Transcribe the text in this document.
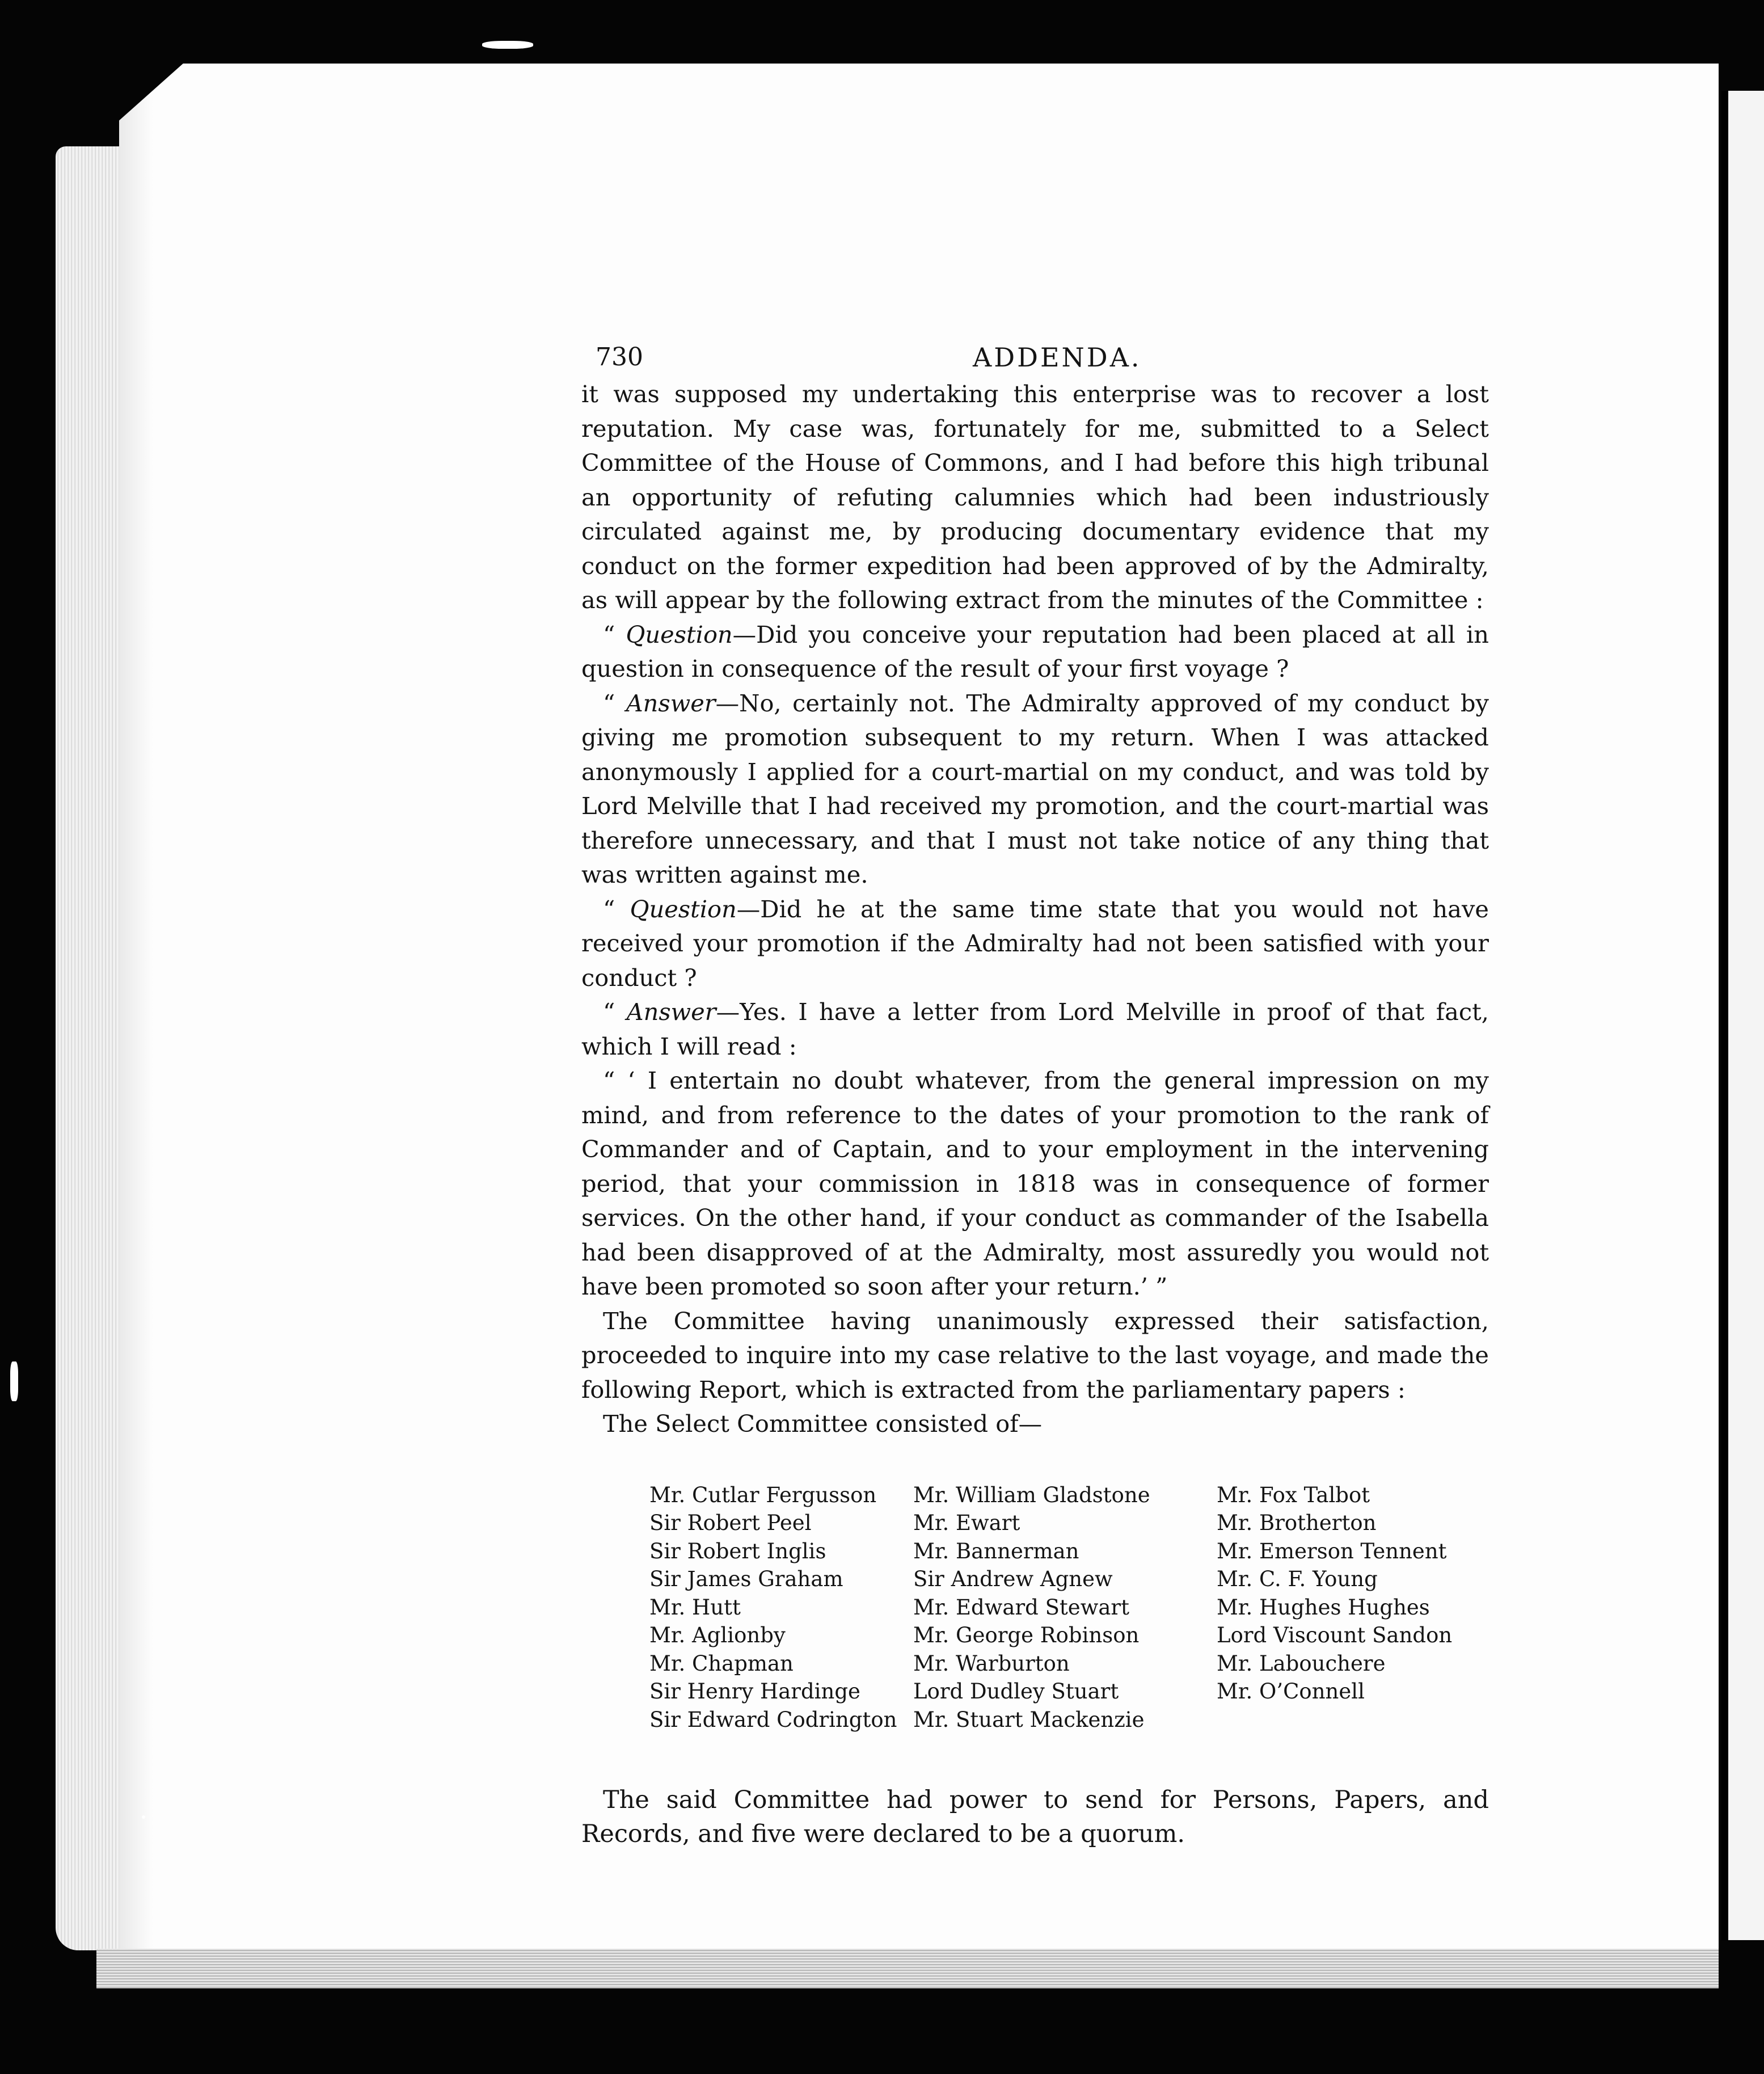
730	ADDENDA.

it was supposed my undertaking this enterprise was to recover a lost reputation. My case was, fortunately for me, submitted to a Select Committee of the House of Commons, and I had before this high tribunal an opportunity of refuting calumnies which had been industriously circulated against me, by producing documentary evidence that my conduct on the former expedition had been approved of by the Admiralty, as will appear by the following extract from the minutes of the Committee :

“ Question—Did you conceive your reputation had been placed at all in question in consequence of the result of your first voyage ?

“ Answer—No, certainly not. The Admiralty approved of my conduct by giving me promotion subsequent to my return. When I was attacked anonymously I applied for a court-martial on my conduct, and was told by Lord Melville that I had received my promotion, and the court-martial was therefore unnecessary, and that I must not take notice of any thing that was written against me.

“ Question—Did he at the same time state that you would not have received your promotion if the Admiralty had not been satisfied with your conduct ?

“ Answer—Yes. I have a letter from Lord Melville in proof of that fact, which I will read :

“ ‘ I entertain no doubt whatever, from the general impression on my mind, and from reference to the dates of your promotion to the rank of Commander and of Captain, and to your employment in the intervening period, that your commission in 1818 was in consequence of former services. On the other hand, if your conduct as commander of the Isabella had been disapproved of at the Admiralty, most assuredly you would not have been promoted so soon after your return.’ ”

The Committee having unanimously expressed their satisfaction, proceeded to inquire into my case relative to the last voyage, and made the following Report, which is extracted from the parliamentary papers :

The Select Committee consisted of—

Mr. Cutlar Fergusson
Sir Robert Peel
Sir Robert Inglis
Sir James Graham
Mr. Hutt
Mr. Aglionby
Mr. Chapman
Sir Henry Hardinge
Sir Edward Codrington
Mr. William Gladstone
Mr. Ewart
Mr. Bannerman
Sir Andrew Agnew
Mr. Edward Stewart
Mr. George Robinson
Mr. Warburton
Lord Dudley Stuart
Mr. Stuart Mackenzie
Mr. Fox Talbot
Mr. Brotherton
Mr. Emerson Tennent
Mr. C. F. Young
Mr. Hughes Hughes
Lord Viscount Sandon
Mr. Labouchere
Mr. O’Connell

The said Committee had power to send for Persons, Papers, and Records, and five were declared to be a quorum.
